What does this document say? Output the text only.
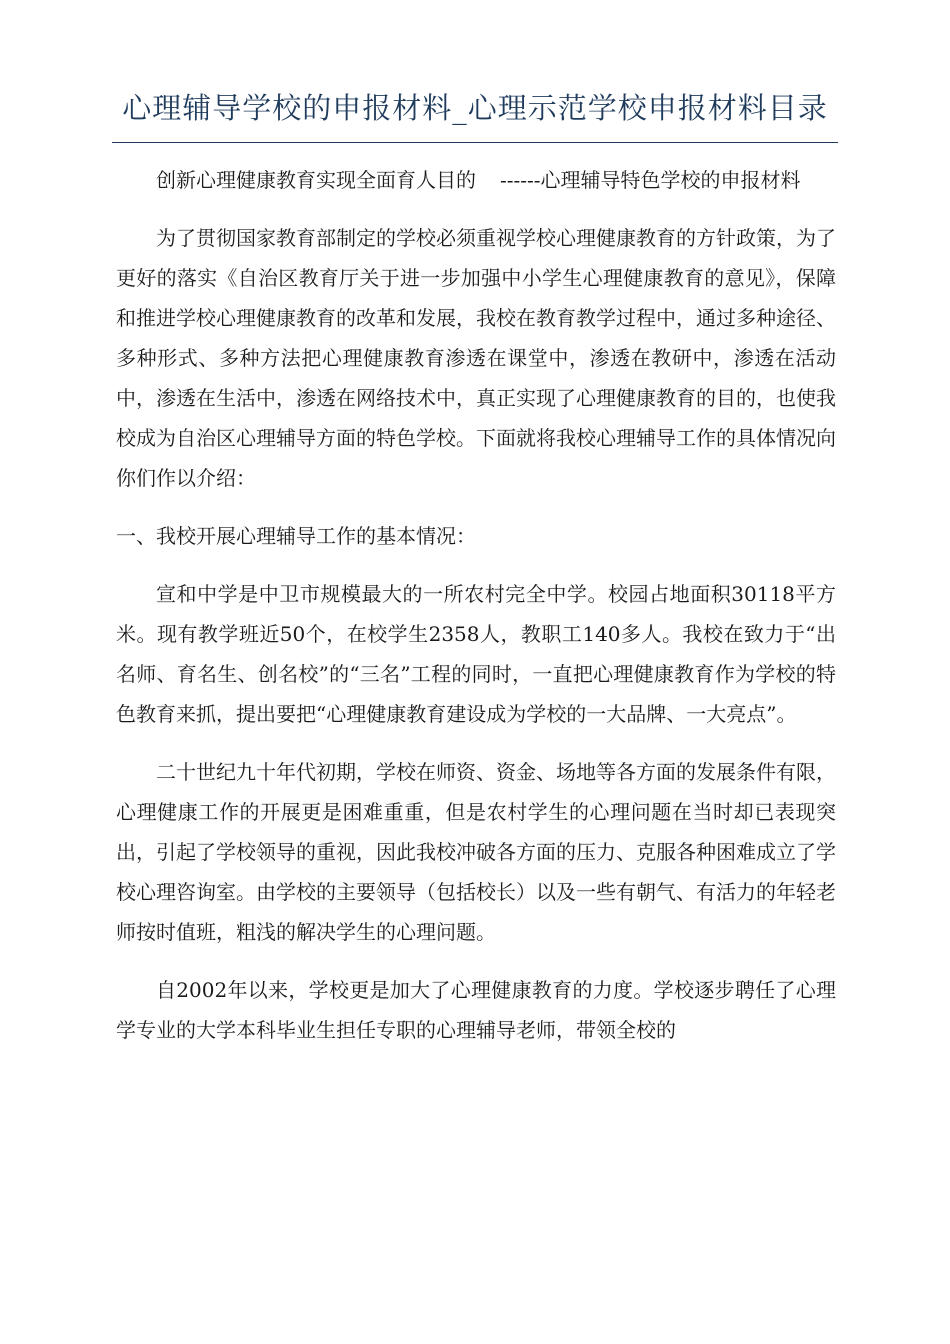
心理辅导学校的申报材料_心理示范学校申报材料目录

创新心理健康教育实现全面育人目的 ------心理辅导特色学校的申报材料

为了贯彻国家教育部制定的学校必须重视学校心理健康教育的方针政策，为了更好的落实《自治区教育厅关于进一步加强中小学生心理健康教育的意见》，保障和推进学校心理健康教育的改革和发展，我校在教育教学过程中，通过多种途径、多种形式、多种方法把心理健康教育渗透在课堂中，渗透在教研中，渗透在活动中，渗透在生活中，渗透在网络技术中，真正实现了心理健康教育的目的，也使我校成为自治区心理辅导方面的特色学校。下面就将我校心理辅导工作的具体情况向你们作以介绍：

一、我校开展心理辅导工作的基本情况：

宣和中学是中卫市规模最大的一所农村完全中学。校园占地面积30118平方米。现有教学班近50个，在校学生2358人，教职工140多人。我校在致力于“出名师、育名生、创名校”的“三名”工程的同时，一直把心理健康教育作为学校的特色教育来抓，提出要把“心理健康教育建设成为学校的一大品牌、一大亮点”。

二十世纪九十年代初期，学校在师资、资金、场地等各方面的发展条件有限，心理健康工作的开展更是困难重重，但是农村学生的心理问题在当时却已表现突出，引起了学校领导的重视，因此我校冲破各方面的压力、克服各种困难成立了学校心理咨询室。由学校的主要领导（包括校长）以及一些有朝气、有活力的年轻老师按时值班，粗浅的解决学生的心理问题。

自2002年以来，学校更是加大了心理健康教育的力度。学校逐步聘任了心理学专业的大学本科毕业生担任专职的心理辅导老师，带领全校的
